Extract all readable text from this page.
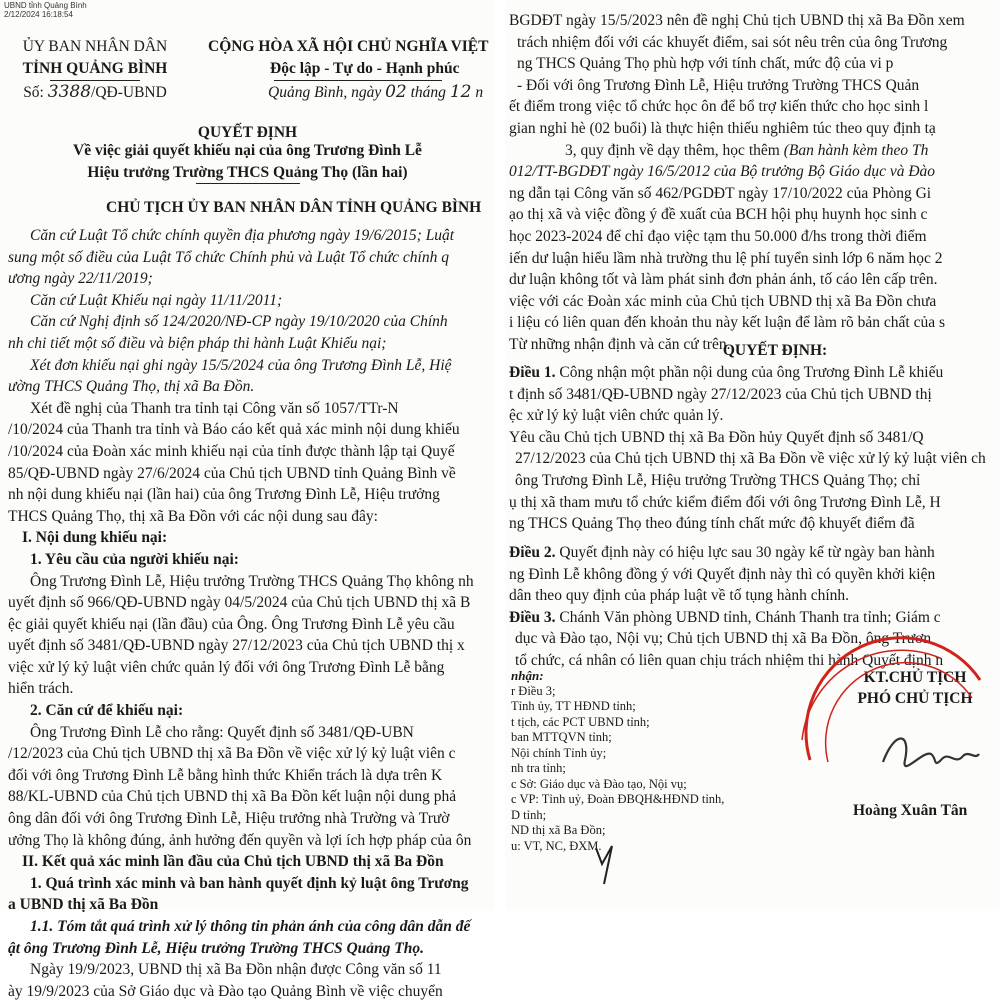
UBND tỉnh Quảng Bình
2/12/2024 16:18:54
ỦY BAN NHÂN DÂN
TỈNH QUẢNG BÌNH
Số: 3388/QĐ-UBND
CỘNG HÒA XÃ HỘI CHỦ NGHĨA VIỆT
Độc lập - Tự do - Hạnh phúc
Quảng Bình, ngày 02 tháng 12 n
QUYẾT ĐỊNH
Về việc giải quyết khiếu nại của ông Trương Đình Lễ
Hiệu trưởng Trường THCS Quảng Thọ (lần hai)
CHỦ TỊCH ỦY BAN NHÂN DÂN TỈNH QUẢNG BÌNH
Căn cứ Luật Tổ chức chính quyền địa phương ngày 19/6/2015; Luật
sung một số điều của Luật Tổ chức Chính phủ và Luật Tổ chức chính q
ương ngày 22/11/2019;
Căn cứ Luật Khiếu nại ngày 11/11/2011;
Căn cứ Nghị định số 124/2020/NĐ-CP ngày 19/10/2020 của Chính
nh chi tiết một số điều và biện pháp thi hành Luật Khiếu nại;
Xét đơn khiếu nại ghi ngày 15/5/2024 của ông Trương Đình Lễ, Hiệ
ường THCS Quảng Thọ, thị xã Ba Đồn.
Xét đề nghị của Thanh tra tỉnh tại Công văn số 1057/TTr-N
/10/2024 của Thanh tra tỉnh và Báo cáo kết quả xác minh nội dung khiếu
/10/2024 của Đoàn xác minh khiếu nại của tỉnh được thành lập tại Quyế
85/QĐ-UBND ngày 27/6/2024 của Chủ tịch UBND tỉnh Quảng Bình về
nh nội dung khiếu nại (lần hai) của ông Trương Đình Lễ, Hiệu trưởng
THCS Quảng Thọ, thị xã Ba Đồn với các nội dung sau đây:
I. Nội dung khiếu nại:
1. Yêu cầu của người khiếu nại:
Ông Trương Đình Lễ, Hiệu trưởng Trường THCS Quảng Thọ không nh
uyết định số 966/QĐ-UBND ngày 04/5/2024 của Chủ tịch UBND thị xã B
ệc giải quyết khiếu nại (lần đầu) của Ông. Ông Trương Đình Lễ yêu cầu
uyết định số 3481/QĐ-UBND ngày 27/12/2023 của Chủ tịch UBND thị x
việc xử lý kỷ luật viên chức quản lý đối với ông Trương Đình Lễ bằng
hiển trách.
2. Căn cứ để khiếu nại:
Ông Trương Đình Lễ cho rằng: Quyết định số 3481/QĐ-UBN
/12/2023 của Chủ tịch UBND thị xã Ba Đồn về việc xử lý kỷ luật viên c
đối với ông Trương Đình Lễ bằng hình thức Khiển trách là dựa trên K
88/KL-UBND của Chủ tịch UBND thị xã Ba Đồn kết luận nội dung phả
ông dân đối với ông Trương Đình Lễ, Hiệu trưởng nhà Trường và Trườ
ưởng Thọ là không đúng, ảnh hưởng đến quyền và lợi ích hợp pháp của ôn
II. Kết quả xác minh lần đầu của Chủ tịch UBND thị xã Ba Đồn
1. Quá trình xác minh và ban hành quyết định kỷ luật ông Trương
a UBND thị xã Ba Đồn
1.1. Tóm tắt quá trình xử lý thông tin phản ánh của công dân dẫn đế
ật ông Trương Đình Lễ, Hiệu trưởng Trường THCS Quảng Thọ.
Ngày 19/9/2023, UBND thị xã Ba Đồn nhận được Công văn số 11
ày 19/9/2023 của Sở Giáo dục và Đào tạo Quảng Bình về việc chuyển
BGDĐT ngày 15/5/2023 nên đề nghị Chủ tịch UBND thị xã Ba Đồn xem
trách nhiệm đối với các khuyết điểm, sai sót nêu trên của ông Trương
ng THCS Quảng Thọ phù hợp với tính chất, mức độ của vi p
- Đối với ông Trương Đình Lễ, Hiệu trưởng Trường THCS Quản
ết điểm trong việc tổ chức học ôn để bổ trợ kiến thức cho học sinh l
gian nghỉ hè (02 buổi) là thực hiện thiếu nghiêm túc theo quy định tạ
3, quy định về dạy thêm, học thêm (Ban hành kèm theo Th
012/TT-BGDĐT ngày 16/5/2012 của Bộ trưởng Bộ Giáo dục và Đào
ng dẫn tại Công văn số 462/PGDĐT ngày 17/10/2022 của Phòng Gi
ạo thị xã và việc đồng ý đề xuất của BCH hội phụ huynh học sinh c
học 2023-2024 để chỉ đạo việc tạm thu 50.000 đ/hs trong thời điểm
iến dư luận hiểu lầm nhà trường thu lệ phí tuyển sinh lớp 6 năm học 2
dư luận không tốt và làm phát sinh đơn phản ánh, tố cáo lên cấp trên.
việc với các Đoàn xác minh của Chủ tịch UBND thị xã Ba Đồn chưa
i liệu có liên quan đến khoản thu này kết luận để làm rõ bản chất của s
Từ những nhận định và căn cứ trên.
QUYẾT ĐỊNH:
Điều 1. Công nhận một phần nội dung của ông Trương Đình Lễ khiếu
t định số 3481/QĐ-UBND ngày 27/12/2023 của Chủ tịch UBND thị
ệc xử lý kỷ luật viên chức quản lý.
Yêu cầu Chủ tịch UBND thị xã Ba Đồn hủy Quyết định số 3481/Q
27/12/2023 của Chủ tịch UBND thị xã Ba Đồn về việc xử lý kỷ luật viên ch
ông Trương Đình Lễ, Hiệu trưởng Trường THCS Quảng Thọ; chỉ
ụ thị xã tham mưu tổ chức kiểm điểm đối với ông Trương Đình Lễ, H
ng THCS Quảng Thọ theo đúng tính chất mức độ khuyết điểm đã
Điều 2. Quyết định này có hiệu lực sau 30 ngày kể từ ngày ban hành
ng Đình Lễ không đồng ý với Quyết định này thì có quyền khởi kiện
dân theo quy định của pháp luật về tố tụng hành chính.
Điều 3. Chánh Văn phòng UBND tỉnh, Chánh Thanh tra tỉnh; Giám c
dục và Đào tạo, Nội vụ; Chủ tịch UBND thị xã Ba Đồn, ông Trươn
tổ chức, cá nhân có liên quan chịu trách nhiệm thi hành Quyết định n
nhận:
r Điều 3;
Tỉnh ủy, TT HĐND tỉnh;
t tịch, các PCT UBND tỉnh;
ban MTTQVN tỉnh;
Nội chính Tỉnh ủy;
nh tra tỉnh;
c Sở: Giáo dục và Đào tạo, Nội vụ;
c VP: Tỉnh uỷ, Đoàn ĐBQH&HĐND tỉnh,
D tỉnh;
ND thị xã Ba Đồn;
u: VT, NC, ĐXM.
KT.CHỦ TỊCH
PHÓ CHỦ TỊCH
Hoàng Xuân Tân
